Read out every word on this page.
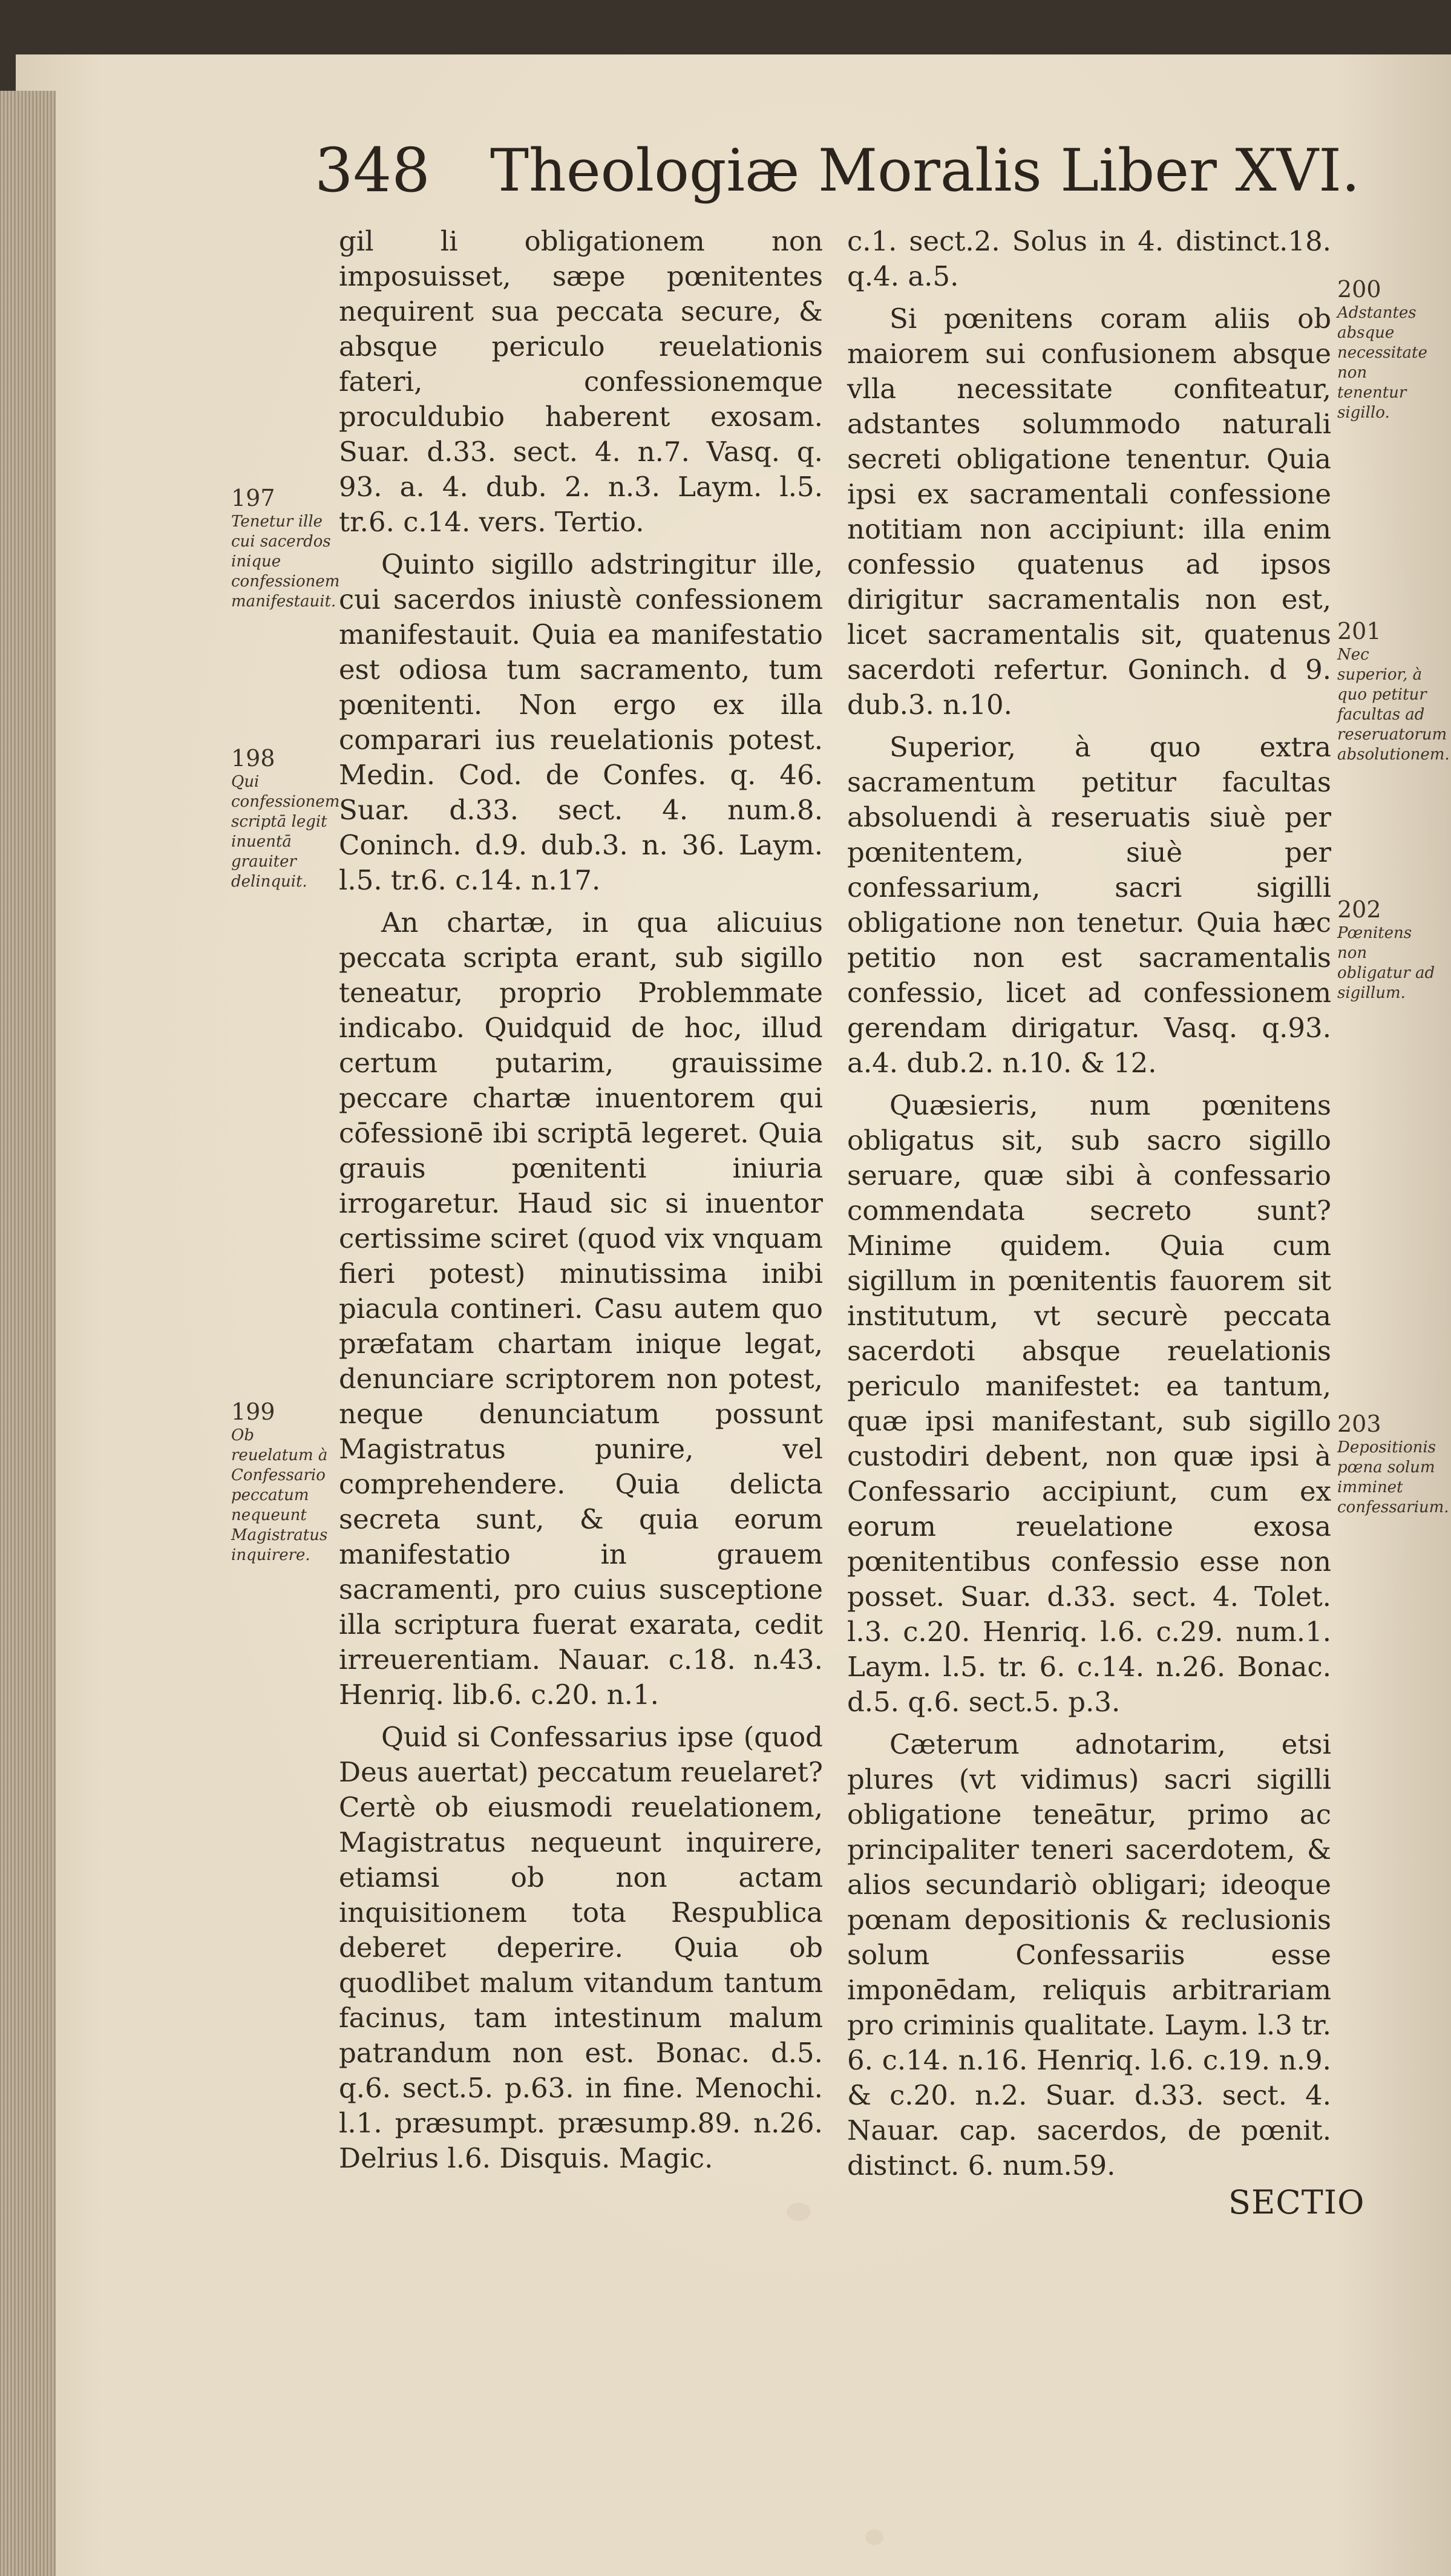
348 Theologiæ Moralis Liber XVI.
197
Tenetur ille cui sacerdos inique confessionem manifestauit.
198
Qui confessionem scriptā legit inuentā grauiter delinquit.
199
Ob reuelatum à Confessario peccatum nequeunt Magistratus inquirere.

gil li obligationem non imposuisset, sæpe pœnitentes nequirent sua peccata secure, & absque periculo reuelationis fateri, confessionemque proculdubio haberent exosam. Suar. d.33. sect. 4. n.7. Vasq. q. 93. a. 4. dub. 2. n.3. Laym. l.5. tr.6. c.14. vers. Tertio.

Quinto sigillo adstringitur ille, cui sacerdos iniustè confessionem manifestauit. Quia ea manifestatio est odiosa tum sacramento, tum pœnitenti. Non ergo ex illa comparari ius reuelationis potest. Medin. Cod. de Confes. q. 46. Suar. d.33. sect. 4. num.8. Coninch. d.9. dub.3. n. 36. Laym. l.5. tr.6. c.14. n.17.

An chartæ, in qua alicuius peccata scripta erant, sub sigillo teneatur, proprio Problemmate indicabo. Quidquid de hoc, illud certum putarim, grauissime peccare chartæ inuentorem qui cōfessionē ibi scriptā legeret. Quia grauis pœnitenti iniuria irrogaretur. Haud sic si inuentor certissime sciret (quod vix vnquam fieri potest) minutissima inibi piacula contineri. Casu autem quo præfatam chartam inique legat, denunciare scriptorem non potest, neque denunciatum possunt Magistratus punire, vel comprehendere. Quia delicta secreta sunt, & quia eorum manifestatio in grauem sacramenti, pro cuius susceptione illa scriptura fuerat exarata, cedit irreuerentiam. Nauar. c.18. n.43. Henriq. lib.6. c.20. n.1.

Quid si Confessarius ipse (quod Deus auertat) peccatum reuelaret? Certè ob eiusmodi reuelationem, Magistratus nequeunt inquirere, etiamsi ob non actam inquisitionem tota Respublica deberet deperire. Quia ob quodlibet malum vitandum tantum facinus, tam intestinum malum patrandum non est. Bonac. d.5. q.6. sect.5. p.63. in fine. Menochi. l.1. præsumpt. præsump.89. n.26. Delrius l.6. Disquis. Magic.

c.1. sect.2. Solus in 4. distinct.18. q.4. a.5.

Si pœnitens coram aliis ob maiorem sui confusionem absque vlla necessitate confiteatur, adstantes solummodo naturali secreti obligatione tenentur. Quia ipsi ex sacramentali confessione notitiam non accipiunt: illa enim confessio quatenus ad ipsos dirigitur sacramentalis non est, licet sacramentalis sit, quatenus sacerdoti refertur. Goninch. d 9. dub.3. n.10.

Superior, à quo extra sacramentum petitur facultas absoluendi à reseruatis siuè per pœnitentem, siuè per confessarium, sacri sigilli obligatione non tenetur. Quia hæc petitio non est sacramentalis confessio, licet ad confessionem gerendam dirigatur. Vasq. q.93. a.4. dub.2. n.10. & 12.

Quæsieris, num pœnitens obligatus sit, sub sacro sigillo seruare, quæ sibi à confessario commendata secreto sunt? Minime quidem. Quia cum sigillum in pœnitentis fauorem sit institutum, vt securè peccata sacerdoti absque reuelationis periculo manifestet: ea tantum, quæ ipsi manifestant, sub sigillo custodiri debent, non quæ ipsi à Confessario accipiunt, cum ex eorum reuelatione exosa pœnitentibus confessio esse non posset. Suar. d.33. sect. 4. Tolet. l.3. c.20. Henriq. l.6. c.29. num.1. Laym. l.5. tr. 6. c.14. n.26. Bonac. d.5. q.6. sect.5. p.3.

Cæterum adnotarim, etsi plures (vt vidimus) sacri sigilli obligatione teneātur, primo ac principaliter teneri sacerdotem, & alios secundariò obligari; ideoque pœnam depositionis & reclusionis solum Confessariis esse imponēdam, reliquis arbitrariam pro criminis qualitate. Laym. l.3 tr. 6. c.14. n.16. Henriq. l.6. c.19. n.9. & c.20. n.2. Suar. d.33. sect. 4. Nauar. cap. sacerdos, de pœnit. distinct. 6. num.59.

200
Adstantes absque necessitate non tenentur sigillo.
201
Nec superior, à quo petitur facultas ad reseruatorum absolutionem.
202
Pœnitens non obligatur ad sigillum.
203
Depositionis pœna solum imminet confessarium.
SECTIO
